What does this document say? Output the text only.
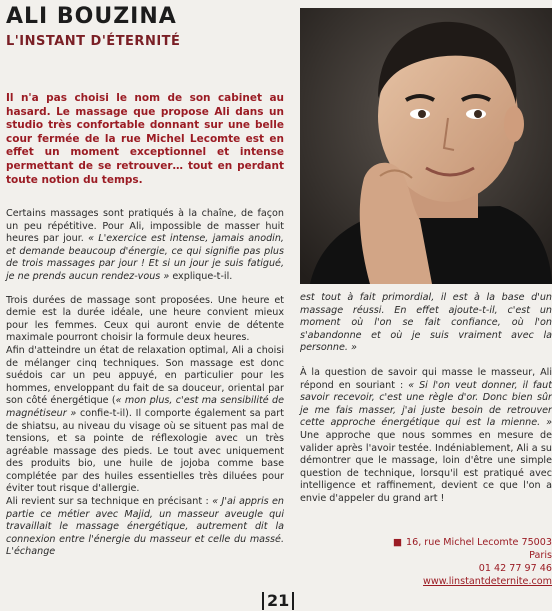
ALI BOUZINA
L'INSTANT D'ÉTERNITÉ

Il n'a pas choisi le nom de son cabinet au hasard. Le massage que propose Ali dans un studio très confortable donnant sur une belle cour fermée de la rue Michel Lecomte est en effet un moment exceptionnel et intense permettant de se retrouver… tout en perdant toute notion du temps.

Certains massages sont pratiqués à la chaîne, de façon un peu répétitive. Pour Ali, impossible de masser huit heures par jour. « L'exercice est intense, jamais anodin, et demande beaucoup d'énergie, ce qui signifie pas plus de trois massages par jour ! Et si un jour je suis fatigué, je ne prends aucun rendez-vous » explique-t-il.

Trois durées de massage sont proposées. Une heure et demie est la durée idéale, une heure convient mieux pour les femmes. Ceux qui auront envie de détente maximale pourront choisir la formule deux heures.

Afin d'atteindre un état de relaxation optimal, Ali a choisi de mélanger cinq techniques. Son massage est donc suédois car un peu appuyé, en particulier pour les hommes, enveloppant du fait de sa douceur, oriental par son côté énergétique (« mon plus, c'est ma sensibilité de magnétiseur » confie-t-il). Il comporte également sa part de shiatsu, au niveau du visage où se situent pas mal de tensions, et sa pointe de réflexologie avec un très agréable massage des pieds. Le tout avec uniquement des produits bio, une huile de jojoba comme base complétée par des huiles essentielles très diluées pour éviter tout risque d'allergie.

Ali revient sur sa technique en précisant : « J'ai appris en partie ce métier avec Majid, un masseur aveugle qui travaillait le massage énergétique, autrement dit la connexion entre l'énergie du masseur et celle du massé. L'échange

est tout à fait primordial, il est à la base d'un massage réussi. En effet ajoute-t-il, c'est un moment où l'on se fait confiance, où l'on s'abandonne et où je suis vraiment avec la personne. »

À la question de savoir qui masse le masseur, Ali répond en souriant : « Si l'on veut donner, il faut savoir recevoir, c'est une règle d'or. Donc bien sûr je me fais masser, j'ai juste besoin de retrouver cette approche énergétique qui est la mienne. » Une approche que nous sommes en mesure de valider après l'avoir testée. Indéniablement, Ali a su démontrer que le massage, loin d'être une simple question de technique, lorsqu'il est pratiqué avec intelligence et raffinement, devient ce que l'on a envie d'appeler du grand art !

■ 16, rue Michel Lecomte 75003 Paris
01 42 77 97 46
www.linstantdeternite.com
21
